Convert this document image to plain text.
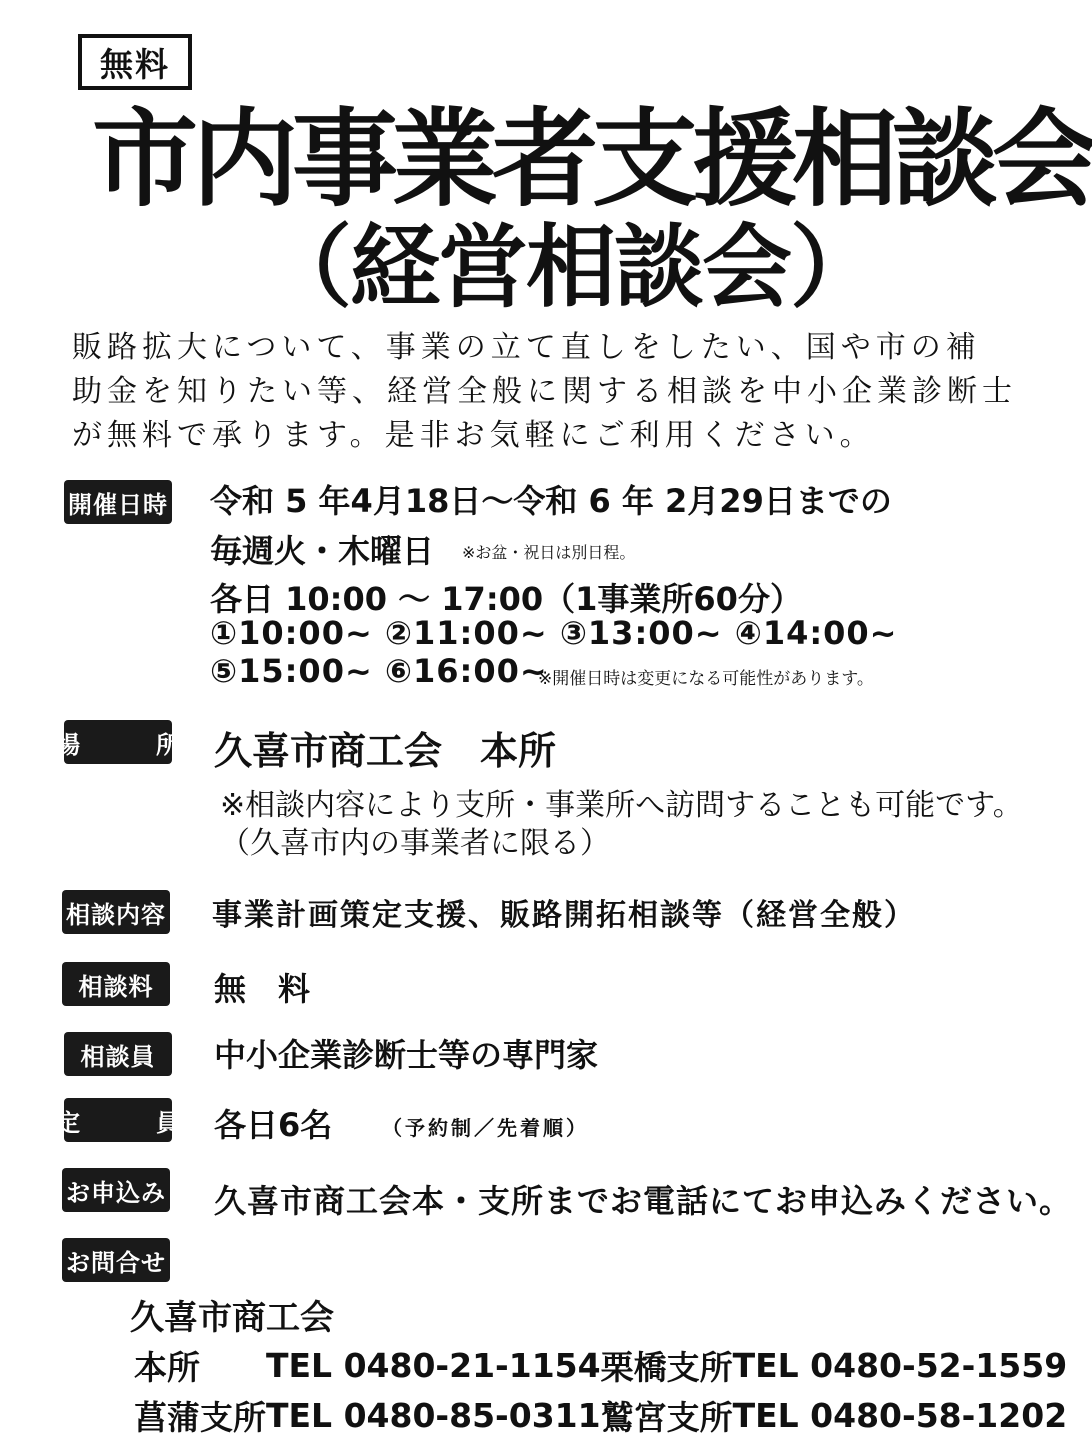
無料
市内事業者支援相談会
（経営相談会）
販路拡大について、事業の立て直しをしたい、国や市の補
助金を知りたい等、経営全般に関する相談を中小企業診断士
が無料で承ります。是非お気軽にご利用ください。
開催日時 令和 5 年4月18日～令和 6 年 2月29日までの
毎週火・木曜日 ※お盆・祝日は別日程。
各日 10:00 ～ 17:00（1事業所60分）
①10:00~ ②11:00~ ③13:00~ ④14:00~
⑤15:00~ ⑥16:00~
※開催日時は変更になる可能性があります。
場　所 久喜市商工会　本所
※相談内容により支所・事業所へ訪問することも可能です。
（久喜市内の事業者に限る）
相談内容 事業計画策定支援、販路開拓相談等（経営全般）
相談料	無　料
相談員	中小企業診断士等の専門家
定　員 各日6名 （予約制／先着順）
お申込み 久喜市商工会本・支所までお電話にてお申込みください。
お問合せ
久喜市商工会
本所	TEL 0480-21-1154	栗橋支所	TEL 0480-52-1559
菖蒲支所	TEL 0480-85-0311	鷲宮支所	TEL 0480-58-1202
